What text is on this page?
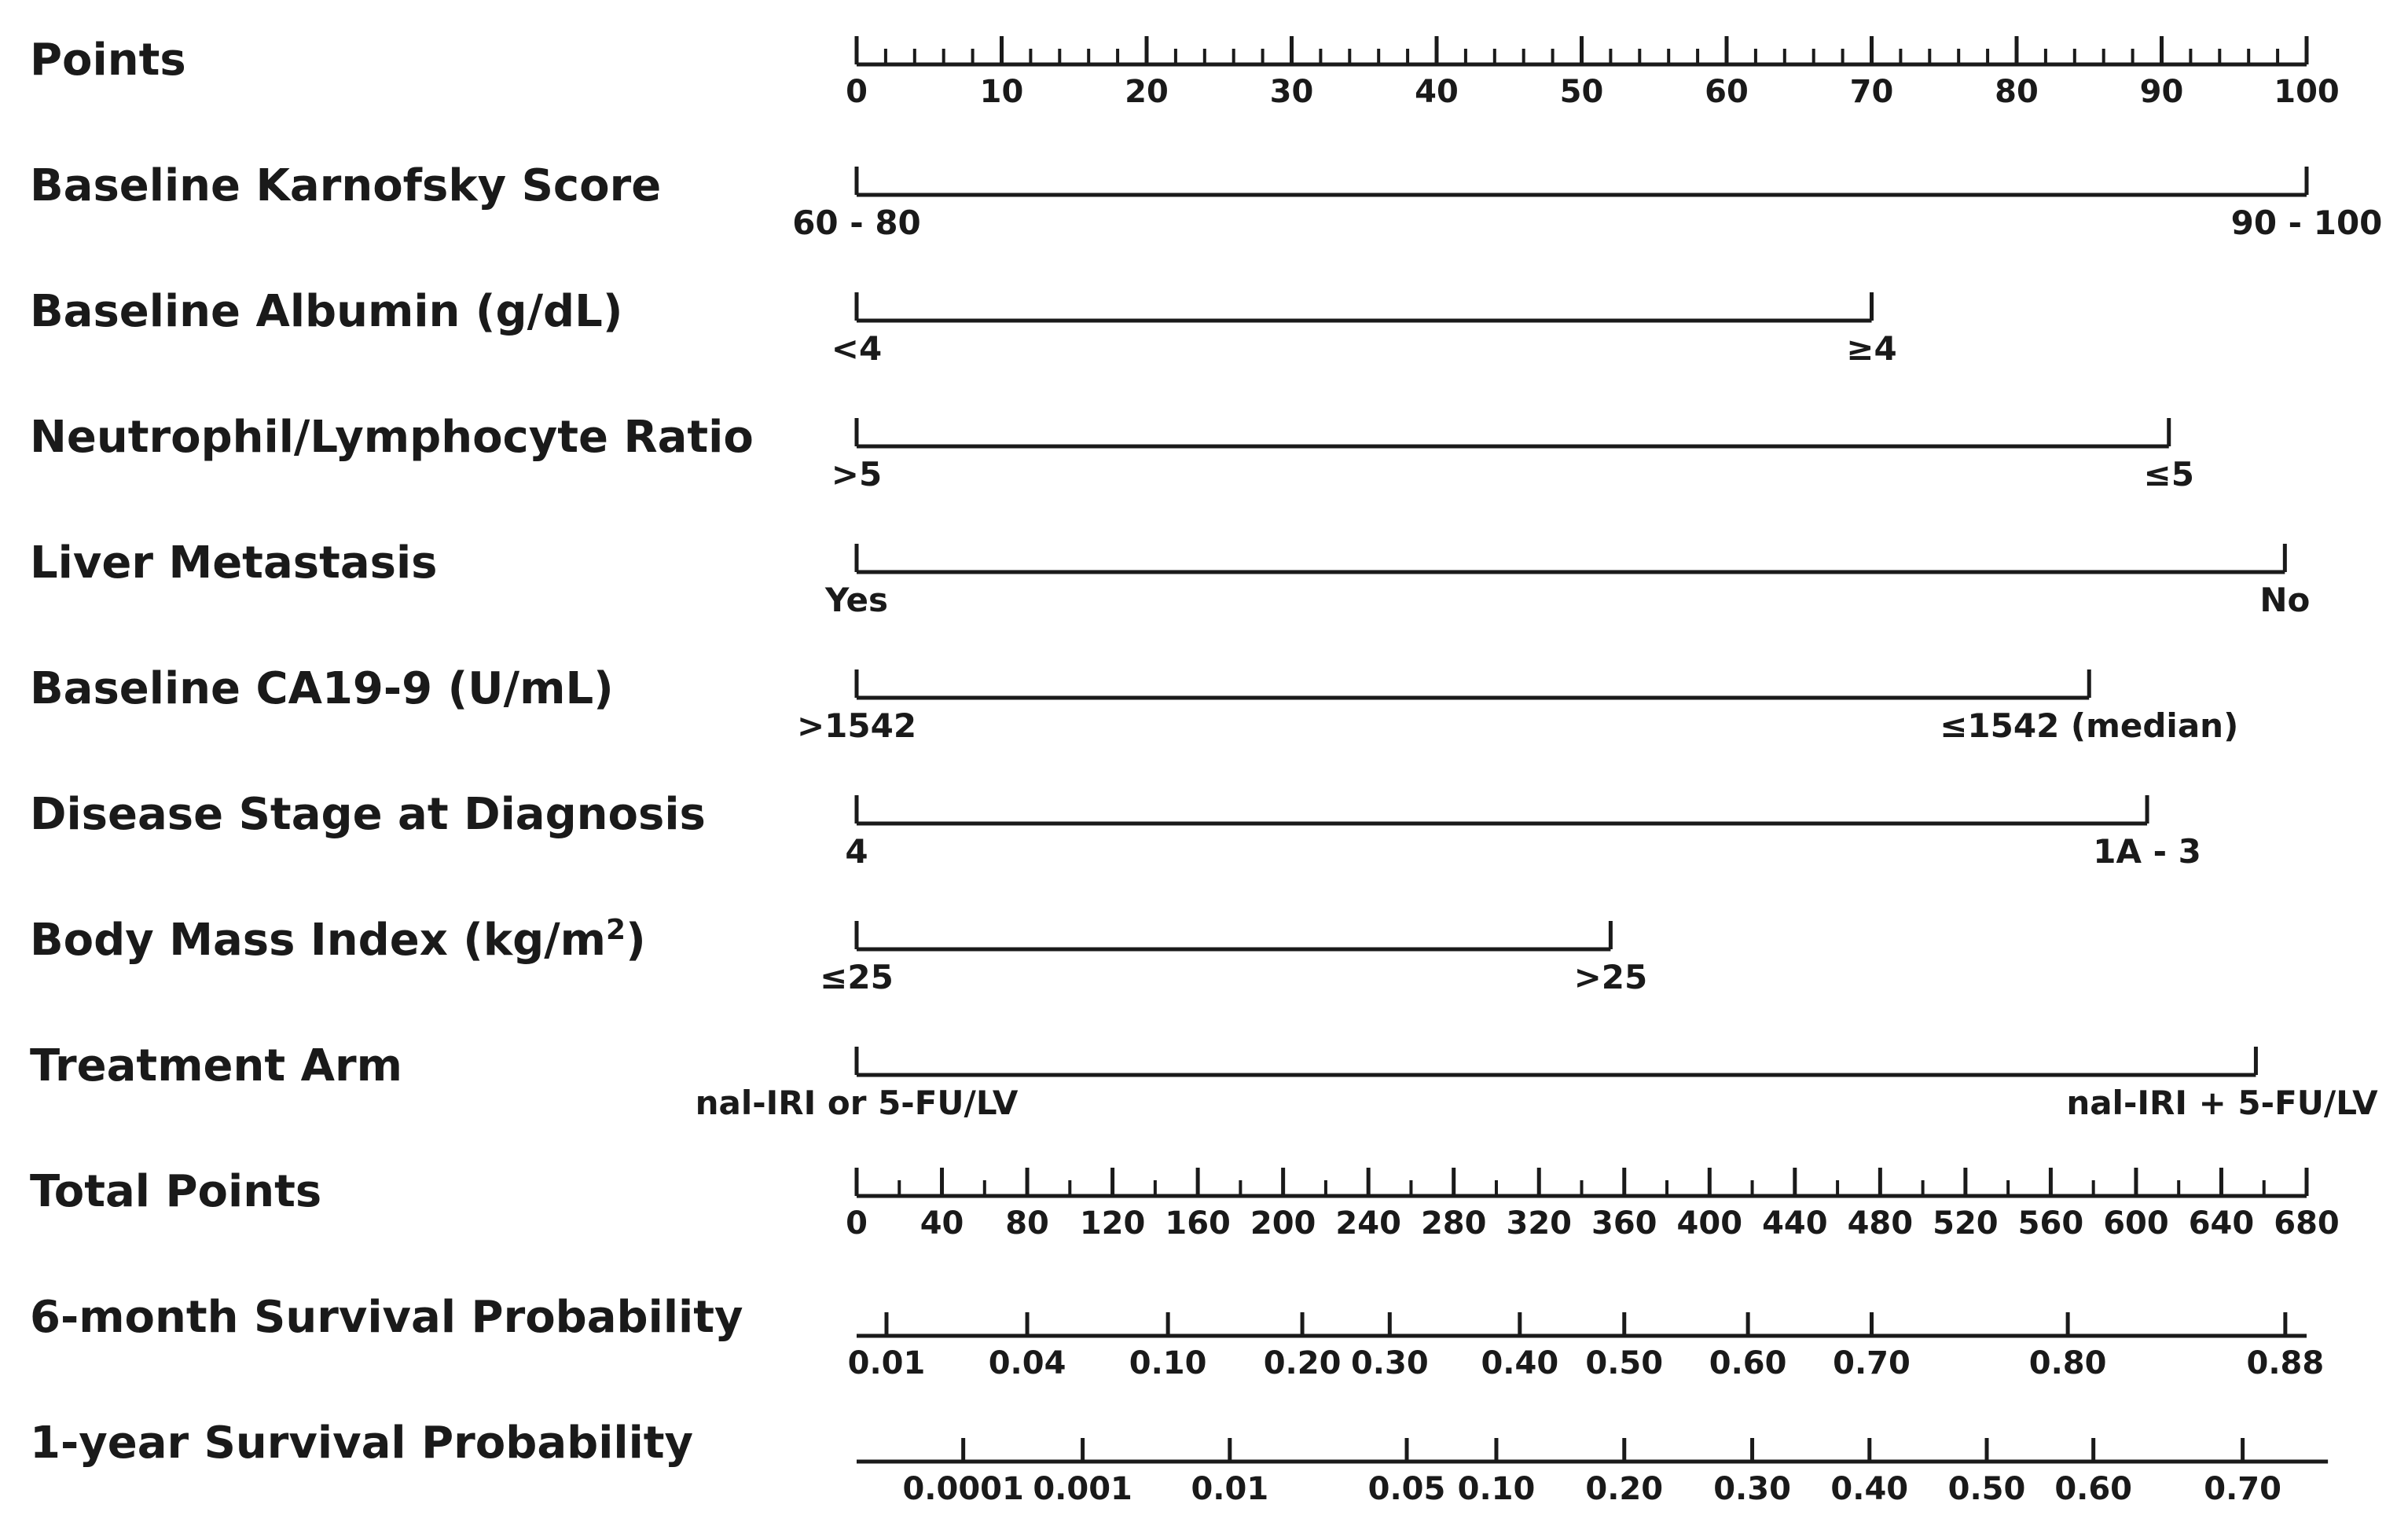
Points
Baseline Karnofsky Score
Baseline Albumin (g/dL)
Neutrophil/Lymphocyte Ratio
Liver Metastasis
Baseline CA19-9 (U/mL)
Disease Stage at Diagnosis
Body Mass Index $(kg/m^2)$
Treatment Arm
Total Points
6-month Survival Probability
1-year Survival Probability
0	10	20	30	40	50	60	70	80	90	100
60 - 80	90 - 100
<4	≥4
>5	≤5
Yes	No
>1542	≤1542 (median)
4	1A - 3
≤25	>25
nal-IRI or 5-FU/LV	nal-IRI + 5-FU/LV
0 40 80 120 160 200 240 280 320 360 400 440 480 520 560 600 640 680
0.01 0.04 0.10 0.20 0.30 0.40 0.50 0.60 0.70	0.80	0.88
0.0001 0.001 0.01	0.05 0.10 0.20 0.30 0.40 0.50 0.60 0.70
